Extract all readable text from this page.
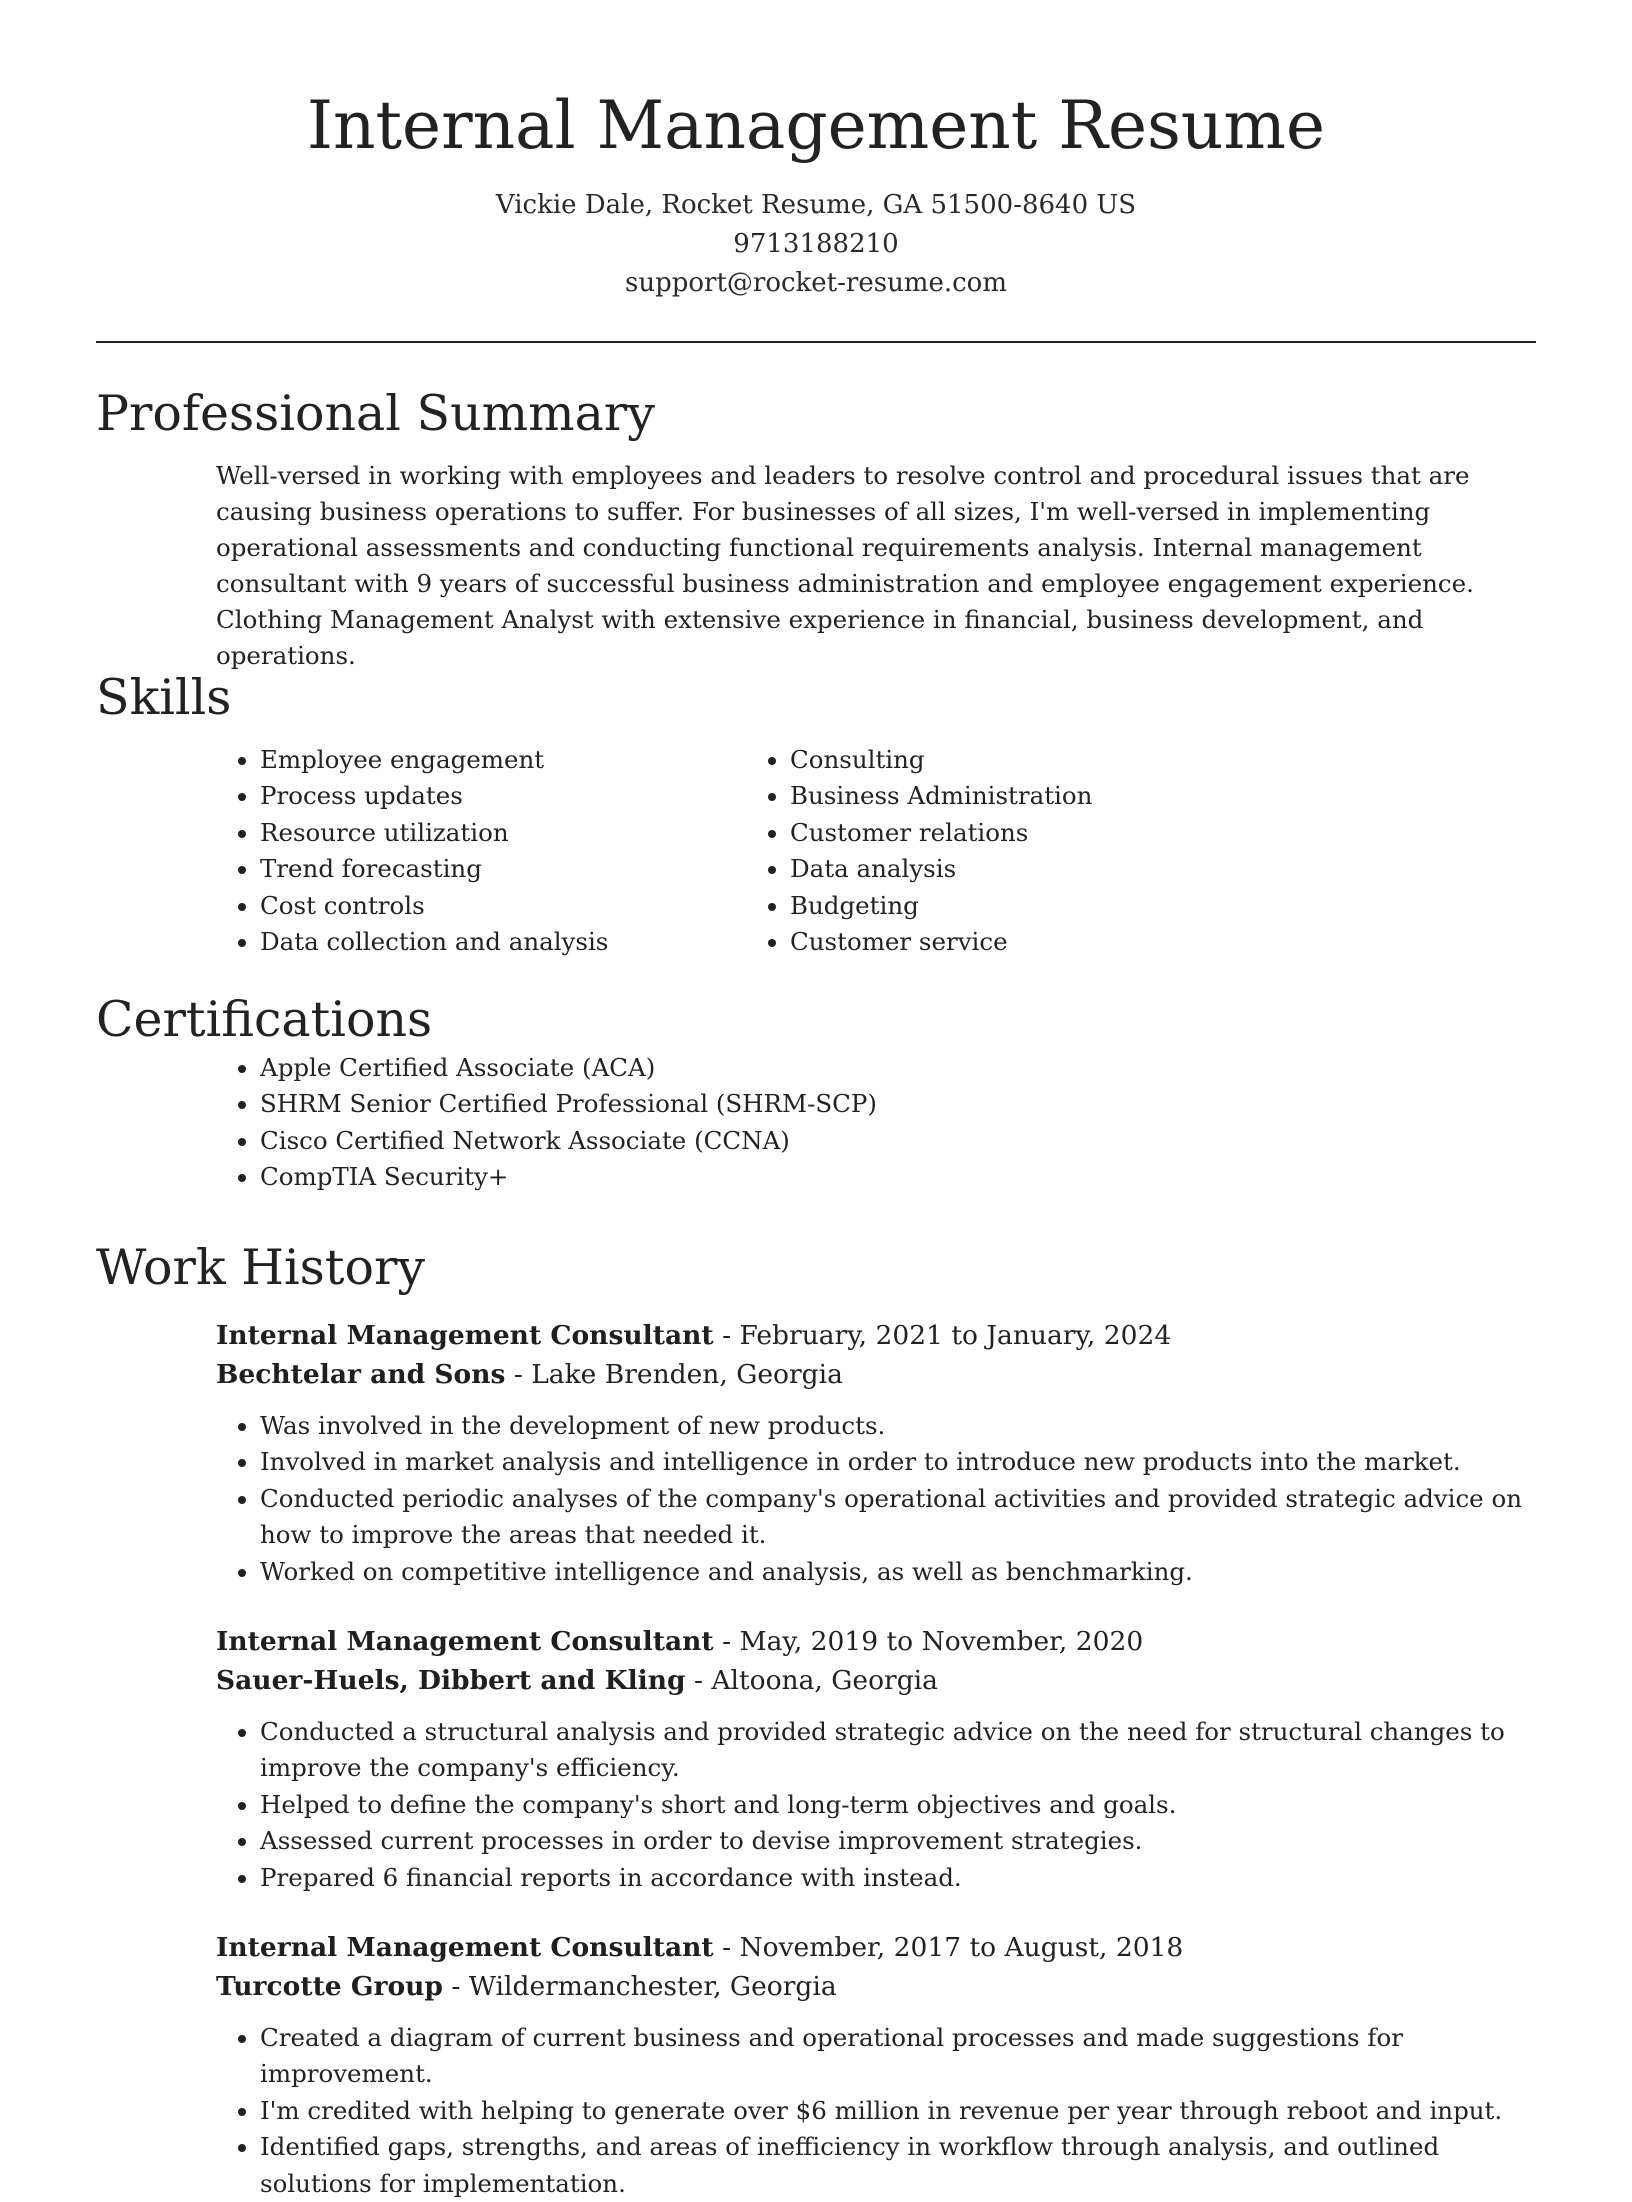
Internal Management Resume
Vickie Dale, Rocket Resume, GA 51500-8640 US
9713188210
support@rocket-resume.com
Professional Summary
Well-versed in working with employees and leaders to resolve control and procedural issues that are causing business operations to suffer. For businesses of all sizes, I'm well-versed in implementing operational assessments and conducting functional requirements analysis. Internal management consultant with 9 years of successful business administration and employee engagement experience. Clothing Management Analyst with extensive experience in financial, business development, and operations.
Skills
• Employee engagement
• Process updates
• Resource utilization
• Trend forecasting
• Cost controls
• Data collection and analysis
• Consulting
• Business Administration
• Customer relations
• Data analysis
• Budgeting
• Customer service
Certifications
• Apple Certified Associate (ACA)
• SHRM Senior Certified Professional (SHRM-SCP)
• Cisco Certified Network Associate (CCNA)
• CompTIA Security+
Work History
Internal Management Consultant - February, 2021 to January, 2024
Bechtelar and Sons - Lake Brenden, Georgia
• Was involved in the development of new products.
• Involved in market analysis and intelligence in order to introduce new products into the market.
• Conducted periodic analyses of the company's operational activities and provided strategic advice on how to improve the areas that needed it.
• Worked on competitive intelligence and analysis, as well as benchmarking.
Internal Management Consultant - May, 2019 to November, 2020
Sauer-Huels, Dibbert and Kling - Altoona, Georgia
• Conducted a structural analysis and provided strategic advice on the need for structural changes to improve the company's efficiency.
• Helped to define the company's short and long-term objectives and goals.
• Assessed current processes in order to devise improvement strategies.
• Prepared 6 financial reports in accordance with instead.
Internal Management Consultant - November, 2017 to August, 2018
Turcotte Group - Wildermanchester, Georgia
• Created a diagram of current business and operational processes and made suggestions for improvement.
• I'm credited with helping to generate over $6 million in revenue per year through reboot and input.
• Identified gaps, strengths, and areas of inefficiency in workflow through analysis, and outlined solutions for implementation.
